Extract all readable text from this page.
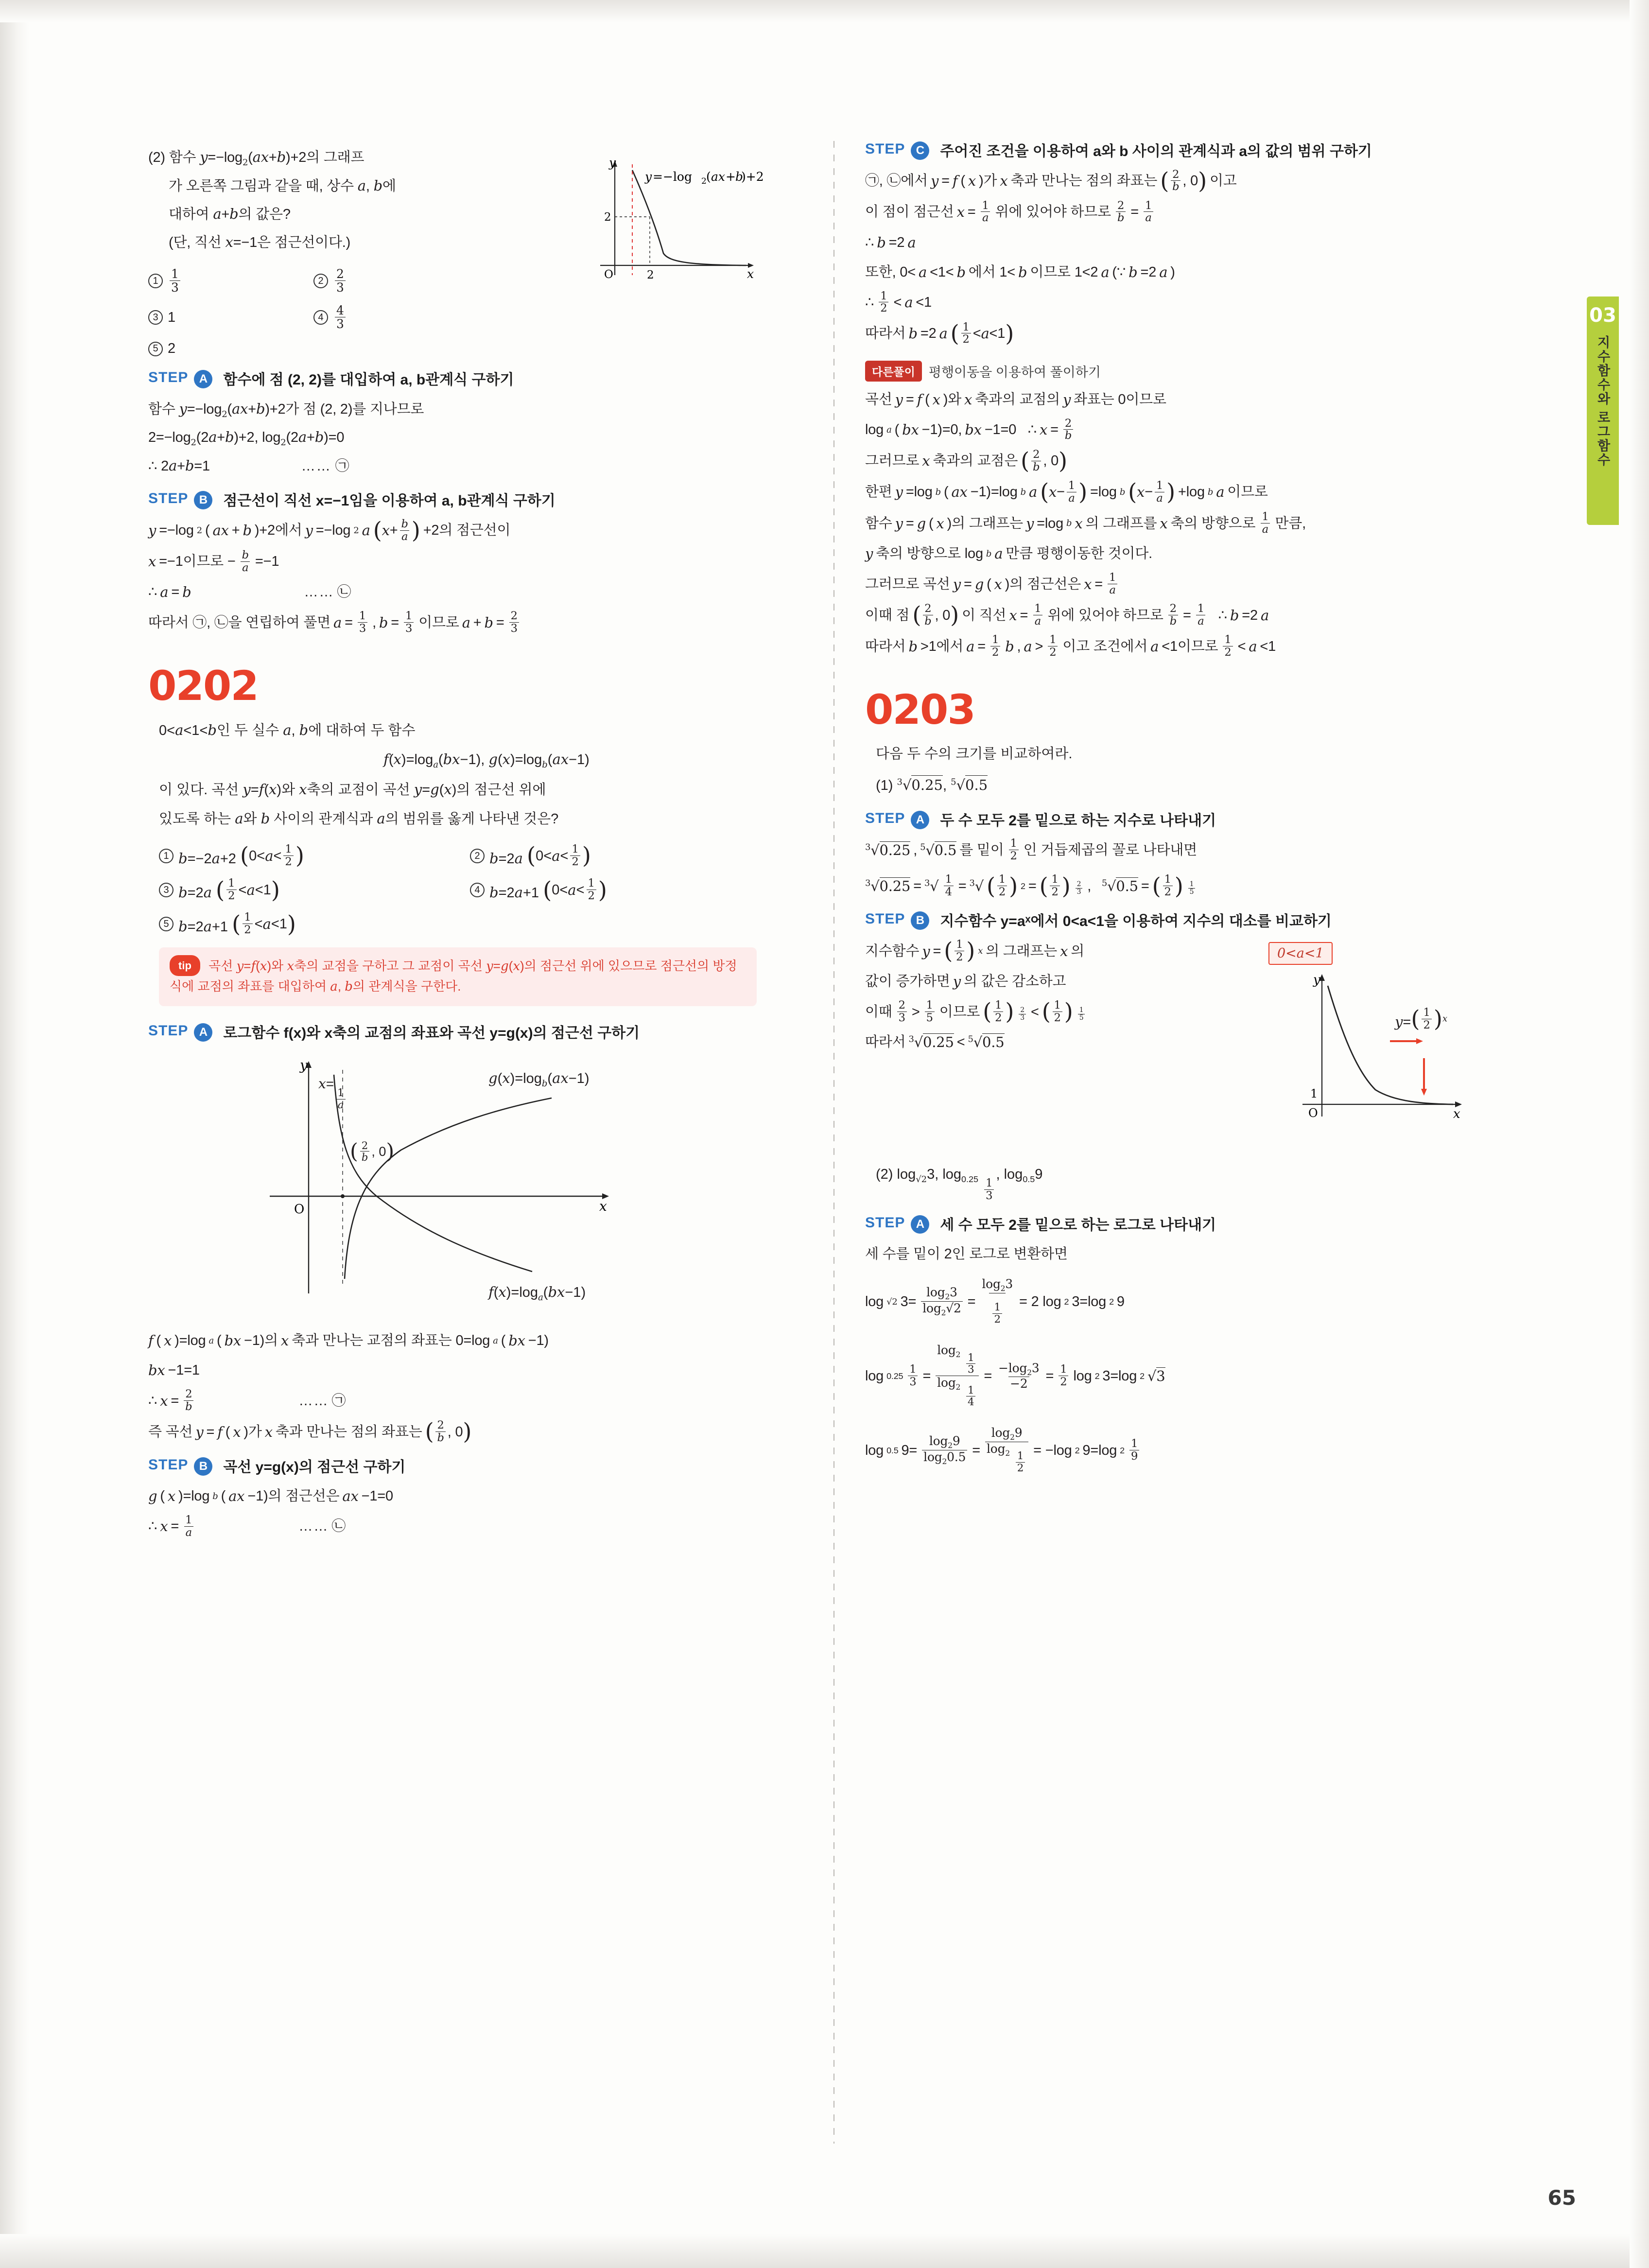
03
지수함수와 로그함수
65
(2) 함수 $y=-\log_2(ax+b)+2$의 그래프
가 오른쪽 그림과 같을 때, 상수 a, b에
대하여 a+b의 값은?
(단, 직선 x=−1은 점근선이다.)
y
x
O
2
2
y =−log 2 ( ax + b
)+2
$1 \frac{1}{3}$	$2 \frac{2}{3}$
3 1	$4 \frac{4}{3}$
5 2
STEP A	함수에 점 (2, 2)를 대입하여 a, b관계식 구하기
함수 $y=-\log_2(ax+b)+2$가 점 (2, 2)를 지나므로
$2=-\log_2(2a+b)+2$, $\log_2(2a+b)=0$
∴ 2a+b=1	…… ㉠
STEP B	점근선이 직선 x=−1임을 이용하여 a, b관계식 구하기
y =−log 2 ( ax + b )+2에서 y =−log 2 a ( $x + \frac{b}{a}$ ) +2의 점근선이
x =−1이므로 − $\frac{b}{a} =-1$
∴ a = b	…… ㉡
따라서 ㉠, ㉡을 연립하여 풀면 $a = \frac{1}{3}$ , $b = \frac{1}{3}$ 이므로 $a + b = \frac{2}{3}$
0202
0<a<1<b인 두 실수 a, b에 대하여 두 함수
$f(x)=\log_a(bx-1)$, $g(x)=\log_b(ax-1)$
이 있다. 곡선 y=f(x)와 x축의 교점이 곡선 y=g(x)의 점근선 위에
있도록 하는 a와 b 사이의 관계식과 a의 범위를 옳게 나타낸 것은?
1 b=−2a+2 ( $0< a < \frac{1}{2}$ )	2 b=2a ( $0< a < \frac{1}{2}$ )
3 b=2a ( $\frac{1}{2} < a <1$ )	4 b=2a+1 ( $0< a < \frac{1}{2}$ )
5 b=2a+1 ( $\frac{1}{2} < a <1$ )
tip 곡선 y=f(x)와 x축의 교점을 구하고 그 교점이 곡선 y=g(x)의 점근선 위에 있으므로 점근선의 방정식에 교점의 좌표를 대입하여 a, b의 관계식을 구한다.
STEP A	로그함수 f(x)와 x축의 교점의 좌표와 곡선 y=g(x)의 점근선 구하기
y
x
O
x=
$\frac{1}{a}$
( $\frac{2}{b}$ , 0 )
$g(x)=\log_b(ax-1)$
$f(x)=\log_a(bx-1)$
f ( x )=log a ( bx −1)의 x 축과 만나는 교점의 좌표는 0=log a ( bx −1)
bx −1=1
∴ $x = \frac{2}{b}$	…… ㉠
즉 곡선 y = f ( x )가 x 축과 만나는 점의 좌표는 ( $\frac{2}{b}$ , 0 )
STEP B	곡선 y=g(x)의 점근선 구하기
g ( x )=log b ( ax −1)의 점근선은 ax −1=0
∴ $x = \frac{1}{a}$	…… ㉡
STEP C	주어진 조건을 이용하여 a와 b 사이의 관계식과 a의 값의 범위 구하기
㉠, ㉡에서 y = f ( x )가 x 축과 만나는 점의 좌표는 ( $\frac{2}{b}$ , 0 ) 이고
이 점이 점근선 $x = \frac{1}{a}$ 위에 있어야 하므로 $\frac{2}{b} = \frac{1}{a}$
∴ b =2 a
또한, 0< a <1< b 에서 1< b 이므로 1<2 a (∵ b =2 a )
∴ $\frac{1}{2} < a <1$
따라서 b =2 a ( $\frac{1}{2} < a <1$ )
다른풀이	평행이동을 이용하여 풀이하기
곡선 y = f ( x )와 x 축과의 교점의 y 좌표는 0이므로
log a ( bx −1)=0, bx −1=0   ∴ $x = \frac{2}{b}$
그러므로 x 축과의 교점은 ( $\frac{2}{b}$ , 0 )
한편 y =log b ( ax −1)=log b a ( $x - \frac{1}{a}$ ) =log b ( $x - \frac{1}{a}$ ) +log b a 이므로
함수 y = g ( x )의 그래프는 y =log b x 의 그래프를 x 축의 방향으로 $\frac{1}{a}$ 만큼,
y 축의 방향으로 log b a 만큼 평행이동한 것이다.
그러므로 곡선 y = g ( x )의 점근선은 $x = \frac{1}{a}$
이때 점 ( $\frac{2}{b}$ , 0 ) 이 직선 $x = \frac{1}{a}$ 위에 있어야 하므로 $\frac{2}{b} = \frac{1}{a}$ ∴ b =2 a
따라서 b >1에서 $a = \frac{1}{2}$ b , $a > \frac{1}{2}$ 이고 조건에서 a <1이므로 $\frac{1}{2} < a <1$
0203
다음 두 수의 크기를 비교하여라.
(1) $^3$√0.25, $^5$√0.5
STEP A	두 수 모두 2를 밑으로 하는 지수로 나타내기
$^3$√0.25 , $^5$√0.5 를 밑이 $\frac{1}{2}$ 인 거듭제곱의 꼴로 나타내면
$^3√0.25 = ^3√ \frac{1}{4} = ^3√$ ( $\frac{1}{2}$ ) 2 = ( $\frac{1}{2}$ ) $\frac{2}{3}$ , $^5$√0.5 = ( $\frac{1}{2}$ ) $\frac{1}{5}$
STEP B	지수함수 y=aˣ에서 0<a<1을 이용하여 지수의 대소를 비교하기
지수함수 y = ( $\frac{1}{2}$ ) x 의 그래프는 x 의
값이 증가하면 y 의 값은 감소하고
이때 $\frac{2}{3} > \frac{1}{5}$ 이므로 ( $\frac{1}{2}$ ) $\frac{2}{3}$ < ( $\frac{1}{2}$ ) $\frac{1}{5}$
따라서 $^3$√0.25 < $^5$√0.5
0<a<1
y
x
O
1
y= ( $\frac{1}{2}$ ) $^x$
(2) $\log_{√2}3$, $\log_{0.25} \frac{1}{3}$
, $\log_{0.5}9$
STEP A	세 수 모두 2를 밑으로 하는 로그로 나타내기
세 수를 밑이 2인 로그로 변환하면
log √2 $3= \frac{\log_23}{\log_2√2} = \frac{\log_23}{\frac{1}{2}} = 2$ log 2 3=log 2 9
$\log 0.25 \frac{1}{3} = \frac{\log_2 \frac{1}{3}}{\log_2 \frac{1}{4}} = \frac{-\log_23}{-2} = \frac{1}{2}$ log 2 3=log 2 √3
log 0.5 $9= \frac{\log_29}{\log_20.5} = \frac{\log_29}{\log_2 \frac{1}{2}} = -\log$ 2 9=log $2 \frac{1}{9}$
